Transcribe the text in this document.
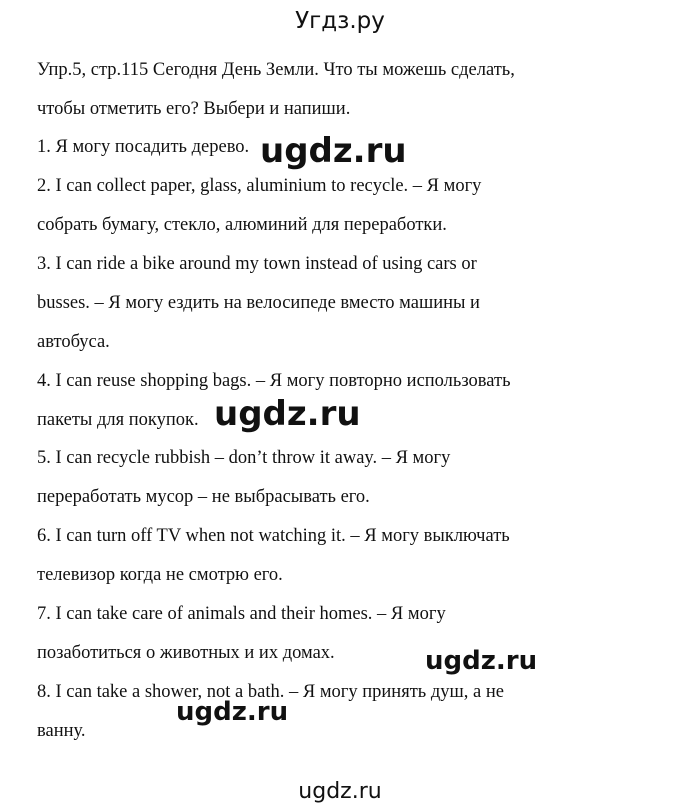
Угдз.ру
Упр.5, стр.115 Сегодня День Земли. Что ты можешь сделать,
чтобы отметить его? Выбери и напиши.
1. Я могу посадить дерево.
2. I can collect paper, glass, aluminium to recycle. – Я могу
собрать бумагу, стекло, алюминий для переработки.
3. I can ride a bike around my town instead of using cars or
busses. – Я могу ездить на велосипеде вместо машины и
автобуса.
4. I can reuse shopping bags. – Я могу повторно использовать
пакеты для покупок.
5. I can recycle rubbish – don’t throw it away. – Я могу
переработать мусор – не выбрасывать его.
6. I can turn off TV when not watching it. – Я могу выключать
телевизор когда не смотрю его.
7. I can take care of animals and their homes. – Я могу
позаботиться о животных и их домах.
8. I can take a shower, not a bath. – Я могу принять душ, а не
ванну.
ugdz.ru
ugdz.ru
ugdz.ru
ugdz.ru
ugdz.ru
